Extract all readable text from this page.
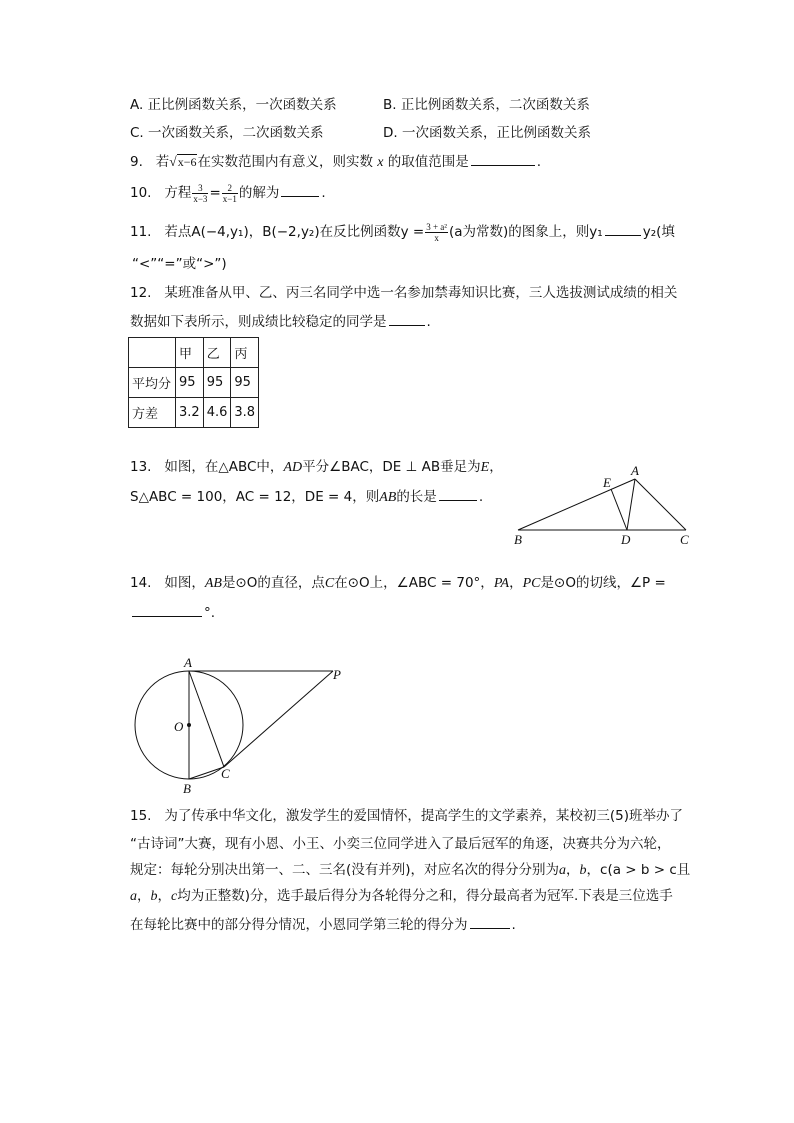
A. 正比例函数关系，一次函数关系	B. 正比例函数关系，二次函数关系
C. 一次函数关系，二次函数关系	D. 一次函数关系，正比例函数关系
9. 若√x−6在实数范围内有意义，则实数 x 的取值范围是	.
10. 方程 $\frac{3}{x-3} = \frac{2}{x-1}$ 的解为	.
11. 若点A(−4,y₁)，B(−2,y₂)在反比例函数$y = \frac{\text{3 + a²}}{x} (a$为常数)的图象上，则y₁	y₂(填
“<”“=”或“>”)
12. 某班准备从甲、乙、丙三名同学中选一名参加禁毒知识比赛，三人选拔测试成绩的相关
数据如下表所示，则成绩比较稳定的同学是	.
	甲	乙	丙
平均分	95	95	95
方差	3.2	4.6	3.8
13. 如图，在△ABC中，AD平分∠BAC，DE ⊥ AB垂足为E，
S△ABC = 100，AC = 12，DE = 4，则AB的长是	.
A
E
B	D	C
14. 如图，AB是⊙O的直径，点C在⊙O上，∠ABC = 70°，PA，PC是⊙O的切线，∠P =
°.
A
P
O
C
B
15. 为了传承中华文化，激发学生的爱国情怀，提高学生的文学素养，某校初三(5)班举办了
“古诗词”大赛，现有小恩、小王、小奕三位同学进入了最后冠军的角逐，决赛共分为六轮，
规定：每轮分别决出第一、二、三名(没有并列)，对应名次的得分分别为a，b，c(a > b > c且
a，b，c均为正整数)分，选手最后得分为各轮得分之和，得分最高者为冠军.下表是三位选手
在每轮比赛中的部分得分情况，小恩同学第三轮的得分为	.
